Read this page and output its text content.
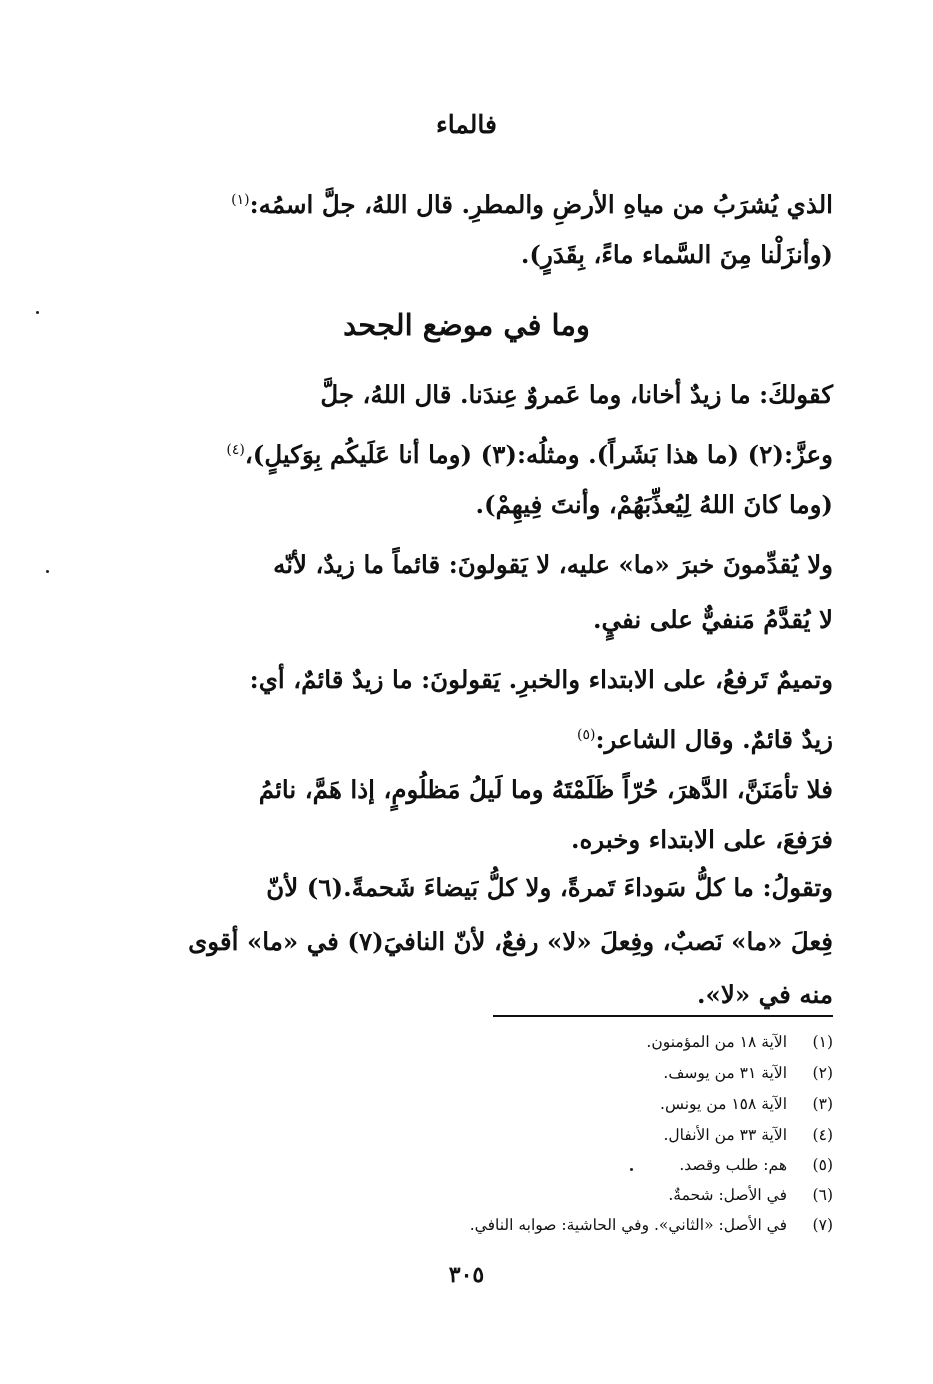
فالماء
الذي يُشرَبُ من مياهِ الأرضِ والمطرِ. قال اللهُ، جلَّ اسمُه:$^{(١)}$
(وأنزَلْنا مِنَ السَّماء ماءً، بِقَدَرٍ).
وما في موضع الجحد
كقولكَ: ما زيدٌ أخانا، وما عَمروٌ عِندَنا. قال اللهُ، جلَّ
وعزَّ:(٢) (ما هذا بَشَراً). ومثلُه:(٣) (وما أنا عَلَيكُم بِوَكيلٍ)،$^{(٤)}$
(وما كانَ اللهُ لِيُعذِّبَهُمْ، وأنتَ فِيهِمْ).
ولا يُقدِّمونَ خبرَ «ما» عليه، لا يَقولونَ: قائماً ما زيدٌ، لأنّه
لا يُقدَّمُ مَنفيٌّ على نفيٍ.
وتميمٌ تَرفعُ، على الابتداء والخبرِ. يَقولونَ: ما زيدٌ قائمٌ، أي:
زيدٌ قائمٌ. وقال الشاعر:$^{(٥)}$
فلا تأمَنَنَّ، الدَّهرَ، حُرّاً ظَلَمْتَهُ وما لَيلُ مَظلُومٍ، إذا هَمَّ، نائمُ
فرَفعَ، على الابتداء وخبره.
وتقولُ: ما كلُّ سَوداءَ تَمرةً، ولا كلُّ بَيضاءَ شَحمةً.(٦) لأنّ
فِعلَ «ما» نَصبٌ، وفِعلَ «لا» رفعٌ، لأنّ النافيَ(٧) في «ما» أقوى
منه في «لا».
(١)الآية ١٨ من المؤمنون.
(٢)الآية ٣١ من يوسف.
(٣)الآية ١٥٨ من يونس.
(٤)الآية ٣٣ من الأنفال.
(٥)هم: طلب وقصد.
(٦)في الأصل: شحمةٌ.
(٧)في الأصل: «الثاني». وفي الحاشية: صوابه النافي.
٣٠٥
